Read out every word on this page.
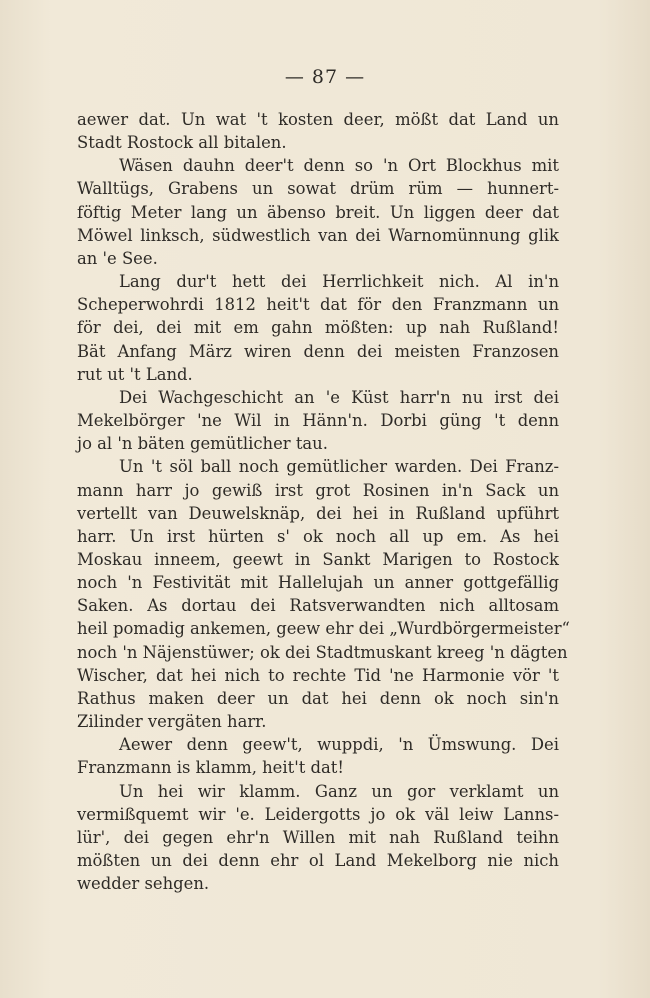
— 87 —
aewer dat. Un wat 't kosten deer, mößt dat Land un
Stadt Rostock all bitalen.
Wäsen dauhn deer't denn so 'n Ort Blockhus mit
Walltügs, Grabens un sowat drüm rüm — hunnert-
föftig Meter lang un äbenso breit. Un liggen deer dat
Möwel linksch, südwestlich van dei Warnomünnung glik
an 'e See.
Lang dur't hett dei Herrlichkeit nich. Al in'n
Scheperwohrdi 1812 heit't dat för den Franzmann un
för dei, dei mit em gahn mößten: up nah Rußland!
Bät Anfang März wiren denn dei meisten Franzosen
rut ut 't Land.
Dei Wachgeschicht an 'e Küst harr'n nu irst dei
Mekelbörger 'ne Wil in Hänn'n. Dorbi güng 't denn
jo al 'n bäten gemütlicher tau.
Un 't söl ball noch gemütlicher warden. Dei Franz-
mann harr jo gewiß irst grot Rosinen in'n Sack un
vertellt van Deuwelsknäp, dei hei in Rußland upführt
harr. Un irst hürten s' ok noch all up em. As hei
Moskau inneem, geewt in Sankt Marigen to Rostock
noch 'n Festivität mit Hallelujah un anner gottgefällig
Saken. As dortau dei Ratsverwandten nich alltosam
heil pomadig ankemen, geew ehr dei „Wurdbörgermeister“
noch 'n Näjenstüwer; ok dei Stadtmuskant kreeg 'n dägten
Wischer, dat hei nich to rechte Tid 'ne Harmonie vör 't
Rathus maken deer un dat hei denn ok noch sin'n
Zilinder vergäten harr.
Aewer denn geew't, wuppdi, 'n Ümswung. Dei
Franzmann is klamm, heit't dat!
Un hei wir klamm. Ganz un gor verklamt un
vermißquemt wir 'e. Leidergotts jo ok väl leiw Lanns-
lür', dei gegen ehr'n Willen mit nah Rußland teihn
mößten un dei denn ehr ol Land Mekelborg nie nich
wedder sehgen.
